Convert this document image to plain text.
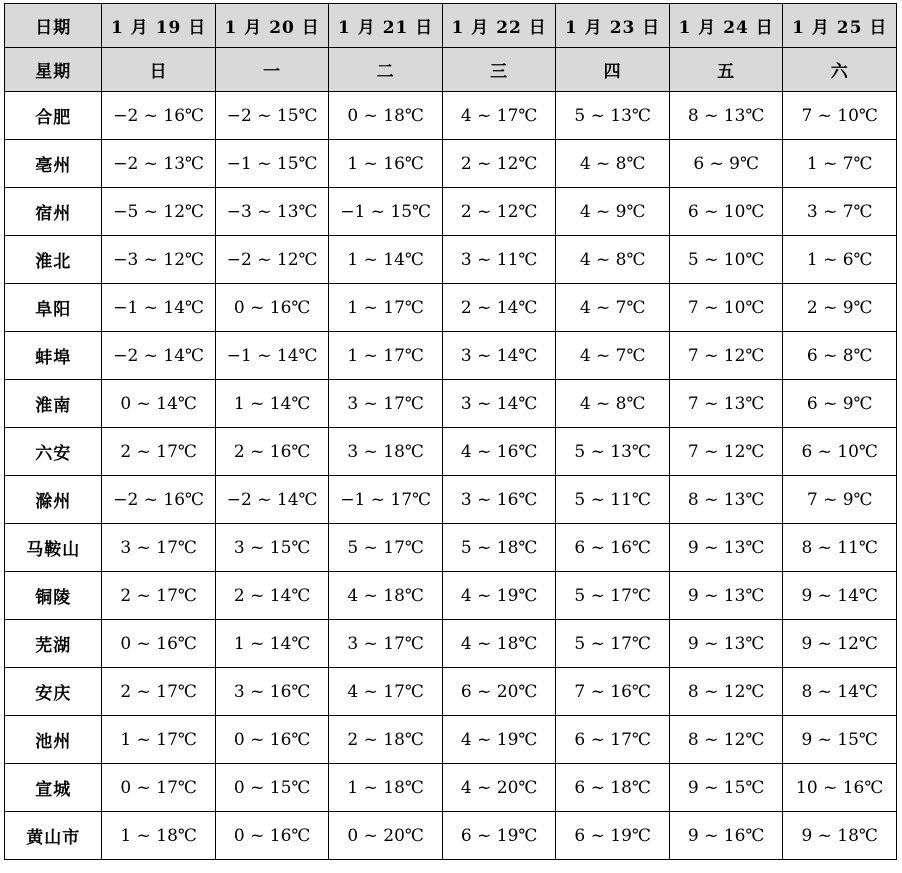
日期	1 月 19 日	1 月 20 日	1 月 21 日	1 月 22 日	1 月 23 日	1 月 24 日	1 月 25 日
星期	日	一	二	三	四	五	六
合肥	−2 ~ 16℃	−2 ~ 15℃	0 ~ 18℃	4 ~ 17℃	5 ~ 13℃	8 ~ 13℃	7 ~ 10℃
亳州	−2 ~ 13℃	−1 ~ 15℃	1 ~ 16℃	2 ~ 12℃	4 ~ 8℃	6 ~ 9℃	1 ~ 7℃
宿州	−5 ~ 12℃	−3 ~ 13℃	−1 ~ 15℃	2 ~ 12℃	4 ~ 9℃	6 ~ 10℃	3 ~ 7℃
淮北	−3 ~ 12℃	−2 ~ 12℃	1 ~ 14℃	3 ~ 11℃	4 ~ 8℃	5 ~ 10℃	1 ~ 6℃
阜阳	−1 ~ 14℃	0 ~ 16℃	1 ~ 17℃	2 ~ 14℃	4 ~ 7℃	7 ~ 10℃	2 ~ 9℃
蚌埠	−2 ~ 14℃	−1 ~ 14℃	1 ~ 17℃	3 ~ 14℃	4 ~ 7℃	7 ~ 12℃	6 ~ 8℃
淮南	0 ~ 14℃	1 ~ 14℃	3 ~ 17℃	3 ~ 14℃	4 ~ 8℃	7 ~ 13℃	6 ~ 9℃
六安	2 ~ 17℃	2 ~ 16℃	3 ~ 18℃	4 ~ 16℃	5 ~ 13℃	7 ~ 12℃	6 ~ 10℃
滁州	−2 ~ 16℃	−2 ~ 14℃	−1 ~ 17℃	3 ~ 16℃	5 ~ 11℃	8 ~ 13℃	7 ~ 9℃
马鞍山	3 ~ 17℃	3 ~ 15℃	5 ~ 17℃	5 ~ 18℃	6 ~ 16℃	9 ~ 13℃	8 ~ 11℃
铜陵	2 ~ 17℃	2 ~ 14℃	4 ~ 18℃	4 ~ 19℃	5 ~ 17℃	9 ~ 13℃	9 ~ 14℃
芜湖	0 ~ 16℃	1 ~ 14℃	3 ~ 17℃	4 ~ 18℃	5 ~ 17℃	9 ~ 13℃	9 ~ 12℃
安庆	2 ~ 17℃	3 ~ 16℃	4 ~ 17℃	6 ~ 20℃	7 ~ 16℃	8 ~ 12℃	8 ~ 14℃
池州	1 ~ 17℃	0 ~ 16℃	2 ~ 18℃	4 ~ 19℃	6 ~ 17℃	8 ~ 12℃	9 ~ 15℃
宣城	0 ~ 17℃	0 ~ 15℃	1 ~ 18℃	4 ~ 20℃	6 ~ 18℃	9 ~ 15℃	10 ~ 16℃
黄山市	1 ~ 18℃	0 ~ 16℃	0 ~ 20℃	6 ~ 19℃	6 ~ 19℃	9 ~ 16℃	9 ~ 18℃
